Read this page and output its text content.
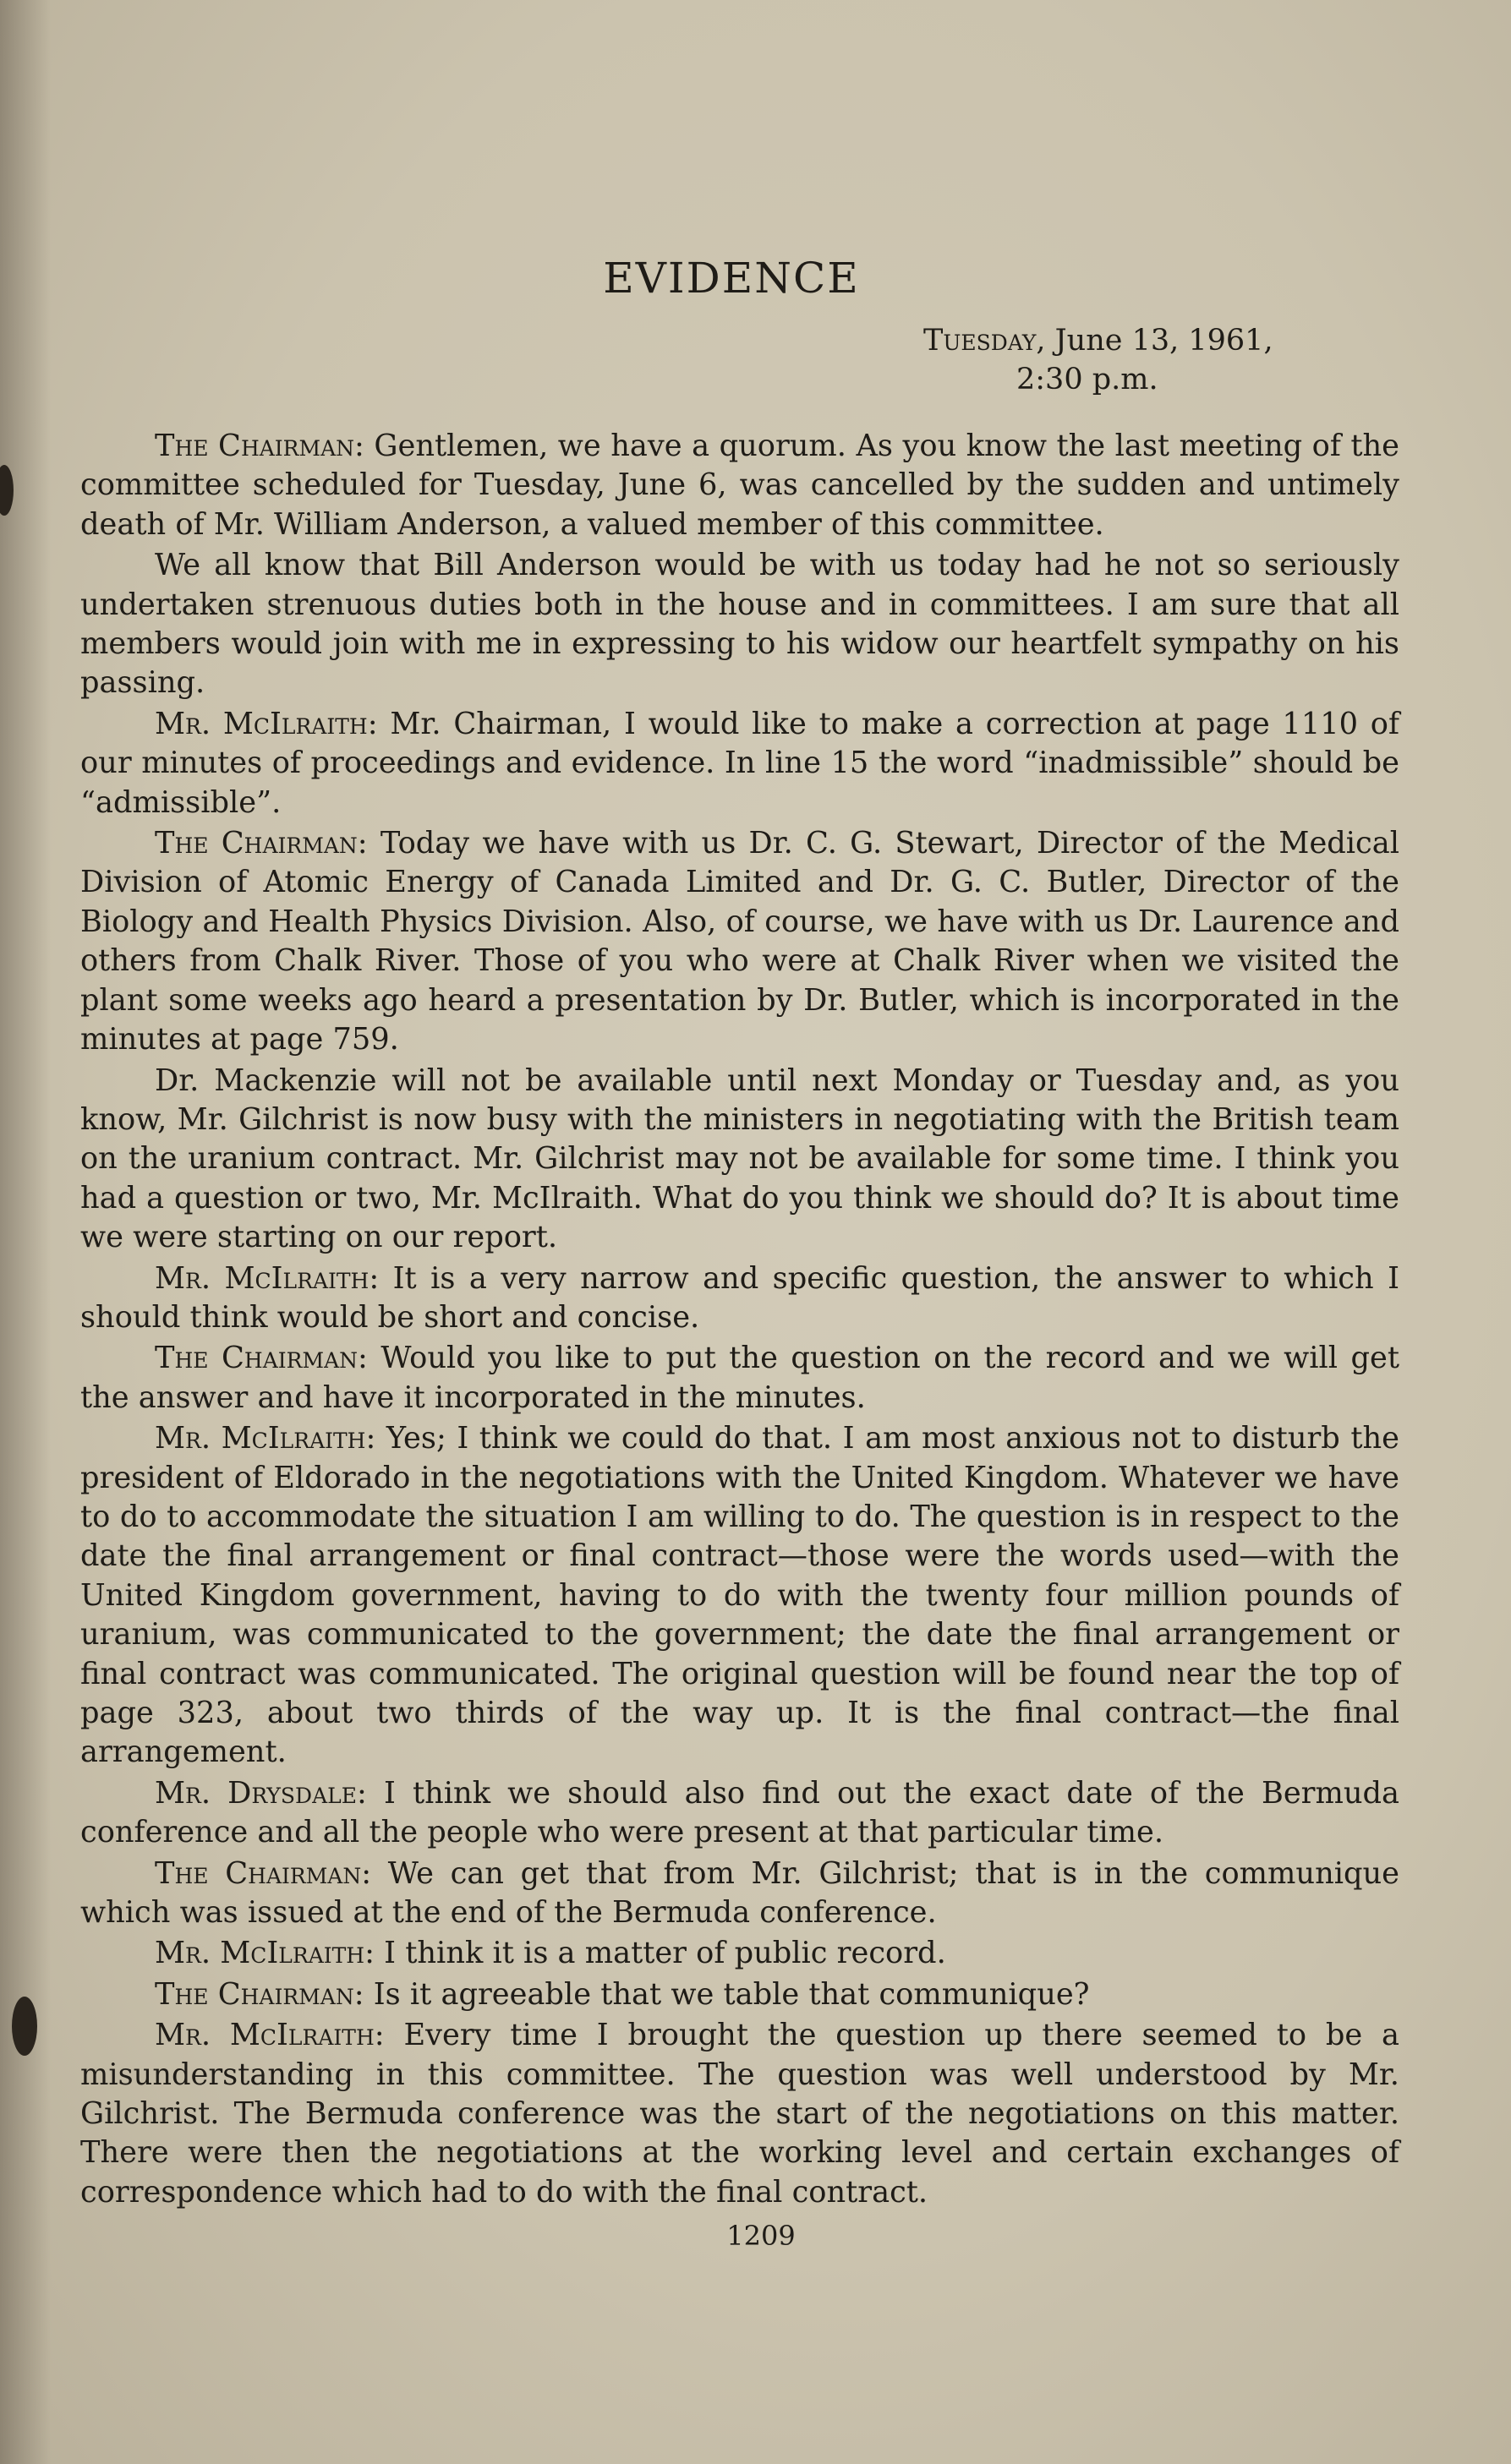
EVIDENCE
Tuesday, June 13, 1961,
2:30 p.m.

The Chairman: Gentlemen, we have a quorum. As you know the last meeting of the committee scheduled for Tuesday, June 6, was cancelled by the sudden and untimely death of Mr. William Anderson, a valued member of this committee.

We all know that Bill Anderson would be with us today had he not so seriously undertaken strenuous duties both in the house and in committees. I am sure that all members would join with me in expressing to his widow our heartfelt sympathy on his passing.

Mr. McIlraith: Mr. Chairman, I would like to make a correction at page 1110 of our minutes of proceedings and evidence. In line 15 the word “inadmissible” should be “admissible”.

The Chairman: Today we have with us Dr. C. G. Stewart, Director of the Medical Division of Atomic Energy of Canada Limited and Dr. G. C. Butler, Director of the Biology and Health Physics Division. Also, of course, we have with us Dr. Laurence and others from Chalk River. Those of you who were at Chalk River when we visited the plant some weeks ago heard a presentation by Dr. Butler, which is incorporated in the minutes at page 759.

Dr. Mackenzie will not be available until next Monday or Tuesday and, as you know, Mr. Gilchrist is now busy with the ministers in negotiating with the British team on the uranium contract. Mr. Gilchrist may not be available for some time. I think you had a question or two, Mr. McIlraith. What do you think we should do? It is about time we were starting on our report.

Mr. McIlraith: It is a very narrow and specific question, the answer to which I should think would be short and concise.

The Chairman: Would you like to put the question on the record and we will get the answer and have it incorporated in the minutes.

Mr. McIlraith: Yes; I think we could do that. I am most anxious not to disturb the president of Eldorado in the negotiations with the United Kingdom. Whatever we have to do to accommodate the situation I am willing to do. The question is in respect to the date the final arrangement or final contract—those were the words used—with the United Kingdom government, having to do with the twenty four million pounds of uranium, was communicated to the government; the date the final arrangement or final contract was communicated. The original question will be found near the top of page 323, about two thirds of the way up. It is the final contract—the final arrangement.

Mr. Drysdale: I think we should also find out the exact date of the Bermuda conference and all the people who were present at that particular time.

The Chairman: We can get that from Mr. Gilchrist; that is in the communique which was issued at the end of the Bermuda conference.

Mr. McIlraith: I think it is a matter of public record.

The Chairman: Is it agreeable that we table that communique?

Mr. McIlraith: Every time I brought the question up there seemed to be a misunderstanding in this committee. The question was well understood by Mr. Gilchrist. The Bermuda conference was the start of the negotiations on this matter. There were then the negotiations at the working level and certain exchanges of correspondence which had to do with the final contract.

1209
